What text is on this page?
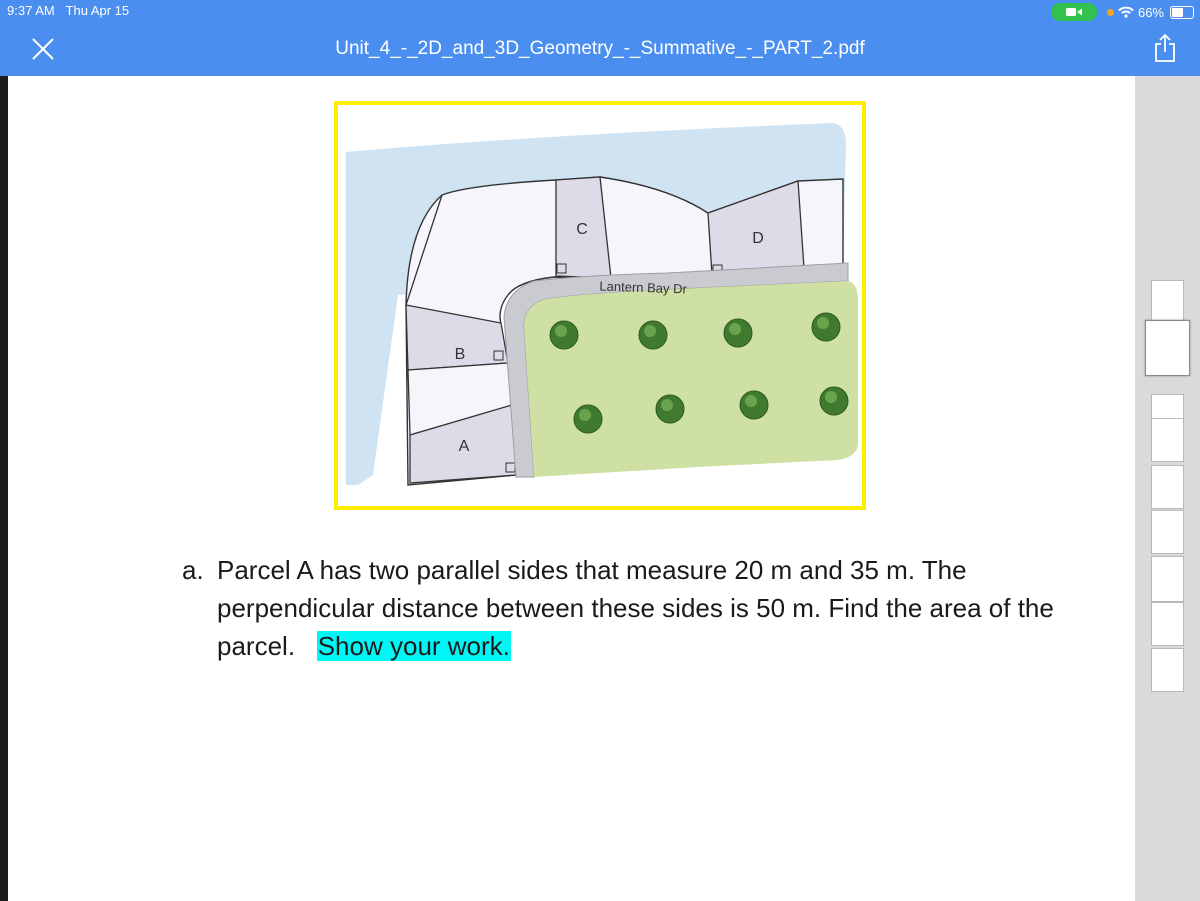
9:37 AM Thu Apr 15	66%
Unit_4_-_2D_and_3D_Geometry_-_Summative_-_PART_2.pdf
C
D
B
A
Lantern Bay Dr
a. Parcel A has two parallel sides that measure 20 m and 35 m. The perpendicular distance between these sides is 50 m. Find the area of the parcel. Show your work.
